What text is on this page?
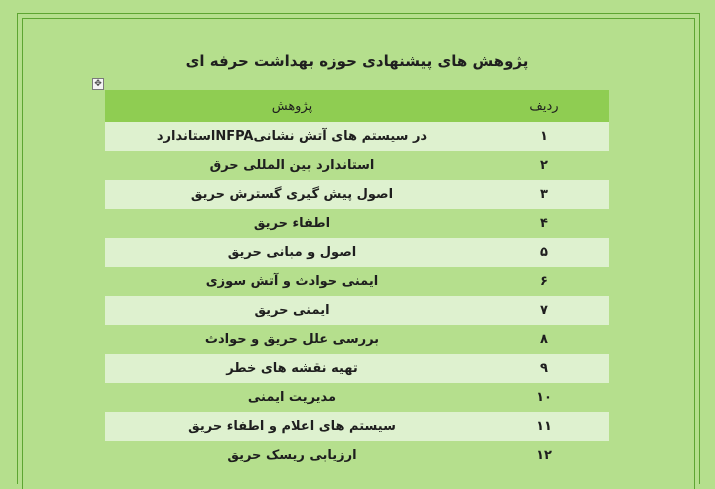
پژوهش های پیشنهادی حوزه بهداشت حرفه ای
✥
ردیف	پژوهش
۱	در سیستم های آتش نشانیNFPAاستاندارد
۲	استاندارد بین المللی حرق
۳	اصول پیش گیری گسترش حریق
۴	اطفاء حریق
۵	اصول و مبانی حریق
۶	ایمنی حوادث و آتش سوزی
۷	ایمنی حریق
۸	بررسی علل حریق و حوادث
۹	تهیه نقشه های خطر
۱۰	مدیریت ایمنی
۱۱	سیستم های اعلام و اطفاء حریق
۱۲	ارزیابی ریسک حریق
